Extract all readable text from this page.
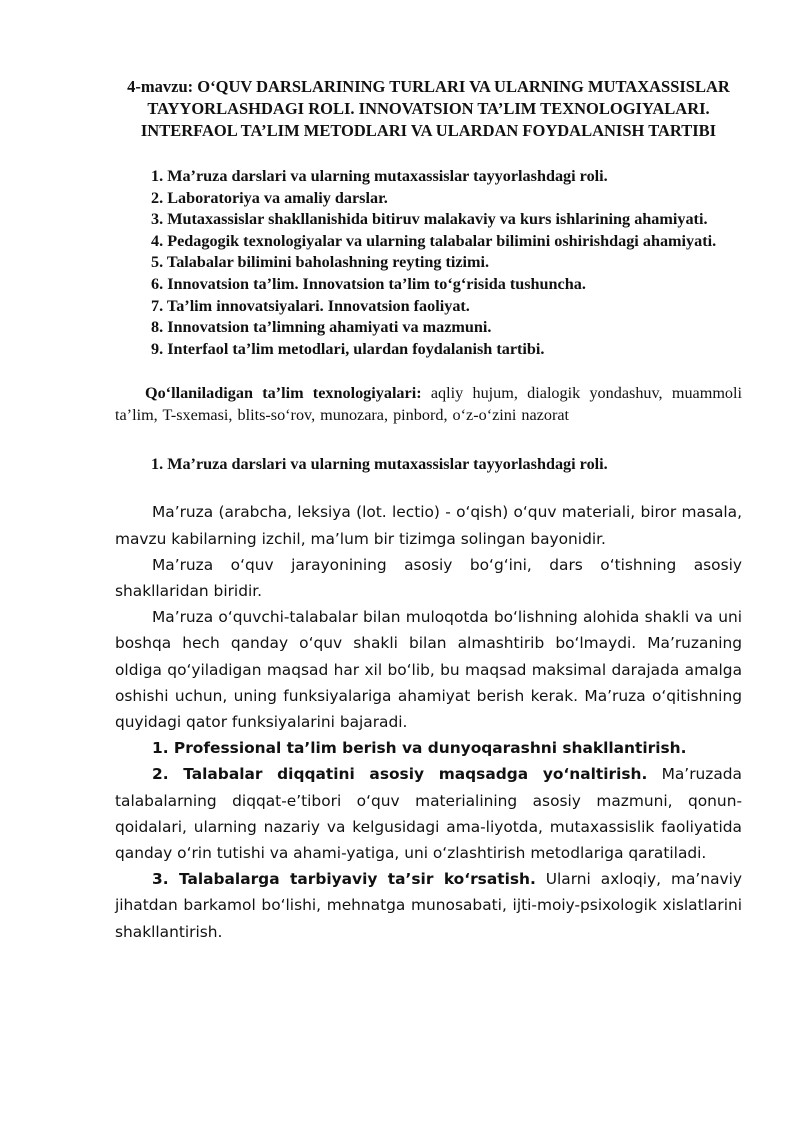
4-mavzu: O‘QUV DARSLARINING TURLARI VA ULARNING MUTAXASSISLAR TAYYORLASHDAGI ROLI. INNOVATSION TA’LIM TEXNOLOGIYALARI. INTERFAOL TA’LIM METODLARI VA ULARDAN FOYDALANISH TARTIBI
1. Ma’ruza darslari va ularning mutaxassislar tayyorlashdagi roli.
2. Laboratoriya va amaliy darslar.
3. Mutaxassislar shakllanishida bitiruv malakaviy va kurs ishlarining ahamiyati.
4. Pedagogik texnologiyalar va ularning talabalar bilimini oshirishdagi ahamiyati.
5. Talabalar bilimini baholashning reyting tizimi.
6. Innovatsion ta’lim. Innovatsion ta’lim to‘g‘risida tushuncha.
7. Ta’lim innovatsiyalari. Innovatsion faoliyat.
8. Innovatsion ta’limning ahamiyati va mazmuni.
9. Interfaol ta’lim metodlari, ulardan foydalanish tartibi.

Qo‘llaniladigan ta’lim texnologiyalari: aqliy hujum, dialogik yondashuv, muammoli ta’lim, T-sxemasi, blits-so‘rov, munozara, pinbord, o‘z-o‘zini nazorat

1. Ma’ruza darslari va ularning mutaxassislar tayyorlashdagi roli.

Ma’ruza (arabcha, leksiya (lot. lectio) - o‘qish) o‘quv materiali, biror masala, mavzu kabilarning izchil, ma’lum bir tizimga solingan bayonidir.

Ma’ruza o‘quv jarayonining asosiy bo‘g‘ini, dars o‘tishning asosiy shakllaridan biridir.

Ma’ruza o‘quvchi-talabalar bilan muloqotda bo‘lishning alohida shakli va uni boshqa hech qanday o‘quv shakli bilan almashtirib bo‘lmaydi. Ma’ruzaning oldiga qo‘yiladigan maqsad har xil bo‘lib, bu maqsad maksimal darajada amalga oshishi uchun, uning funksiyalariga ahamiyat berish kerak. Ma’ruza o‘qitishning quyidagi qator funksiyalarini bajaradi.

1. Professional ta’lim berish va dunyoqarashni shakllantirish.

2. Talabalar diqqatini asosiy maqsadga yo‘naltirish. Ma’ruzada talabalarning diqqat-e’tibori o‘quv materialining asosiy mazmuni, qonun-qoidalari, ularning nazariy va kelgusidagi ama-liyotda, mutaxassislik faoliyatida qanday o‘rin tutishi va ahami-yatiga, uni o‘zlashtirish metodlariga qaratiladi.

3. Talabalarga tarbiyaviy ta’sir ko‘rsatish. Ularni axloqiy, ma’naviy jihatdan barkamol bo‘lishi, mehnatga munosabati, ijti-moiy-psixologik xislatlarini shakllantirish.
